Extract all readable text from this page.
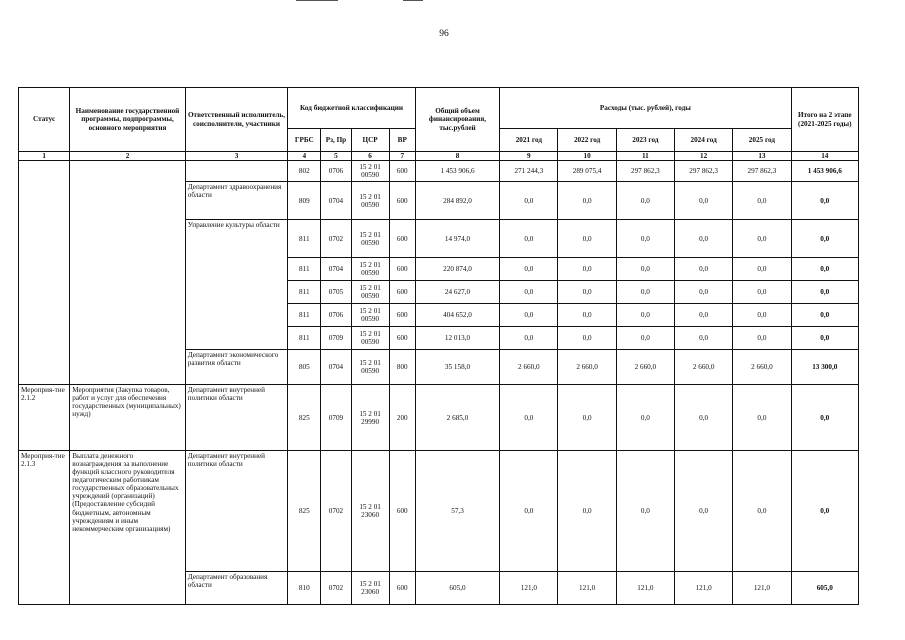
96
Статус	Наименование государственной программы, подпрограммы, основного мероприятия	Ответственный исполнитель, соисполнители, участники	Код бюджетной классификации				Общий объем финансирования, тыс.рублей	Расходы (тыс. рублей), годы					Итого на 2 этапе (2021-2025 годы)
			ГРБС	Рз, Пр	ЦСР	ВР		2021 год	2022 год	2023 год	2024 год	2025 год	
1	2	3	4	5	6	7	8	9	10	11	12	13	14
			802	0706	15 2 01 00590	600	1 453 906,6	271 244,3	289 075,4	297 862,3	297 862,3	297 862,3	1 453 906,6
		Департамент здравоохранения области	809	0704	15 2 01 00590	600	284 892,0	0,0	0,0	0,0	0,0	0,0	0,0
		Управление культуры области	811	0702	15 2 01 00590	600	14 974,0	0,0	0,0	0,0	0,0	0,0	0,0
			811	0704	15 2 01 00590	600	220 874,0	0,0	0,0	0,0	0,0	0,0	0,0
			811	0705	15 2 01 00590	600	24 627,0	0,0	0,0	0,0	0,0	0,0	0,0
			811	0706	15 2 01 00590	600	404 652,0	0,0	0,0	0,0	0,0	0,0	0,0
			811	0709	15 2 01 00590	600	12 013,0	0,0	0,0	0,0	0,0	0,0	0,0
		Департамент экономического развития области	805	0704	15 2 01 00590	800	35 158,0	2 660,0	2 660,0	2 660,0	2 660,0	2 660,0	13 300,0
Мероприя-тие 2.1.2	Мероприятия (Закупка товаров, работ и услуг для обеспечения государственных (муниципальных) нужд)	Департамент внутренней политики области	825	0709	15 2 01 29990	200	2 685,0	0,0	0,0	0,0	0,0	0,0	0,0
Мероприя-тие 2.1.3	Выплата денежного вознаграждения за выполнение функций классного руководителя педагогическим работникам государственных образовательных учреждений (организаций) (Предоставление субсидий бюджетным, автономным учреждениям и иным некоммерческим организациям)	Департамент внутренней политики области	825	0702	15 2 01 23060	600	57,3	0,0	0,0	0,0	0,0	0,0	0,0
		Департамент образования области	810	0702	15 2 01 23060	600	605,0	121,0	121,0	121,0	121,0	121,0	605,0
